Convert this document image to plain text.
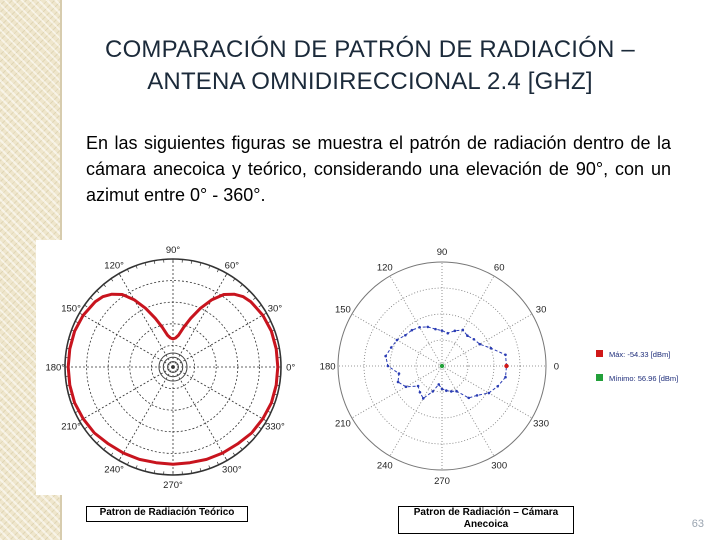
COMPARACIÓN DE PATRÓN DE RADIACIÓN –
ANTENA OMNIDIRECCIONAL 2.4 [GHZ]
En las siguientes figuras se muestra el patrón de radiación dentro de la cámara anecoica y teórico, considerando una elevación de 90°, con un azimut entre 0° - 360°.
90°
60°
30°
0°
330°
300°
270°
240°
210°
180°
150°
120°
90
60
30
0
330
300
270
240
210
180
150
120
Máx: -54.33 [dBm]
Mínimo: 56.96 [dBm]
Patron de Radiación Teórico	Patron de Radiación – Cámara Anecoica	63
